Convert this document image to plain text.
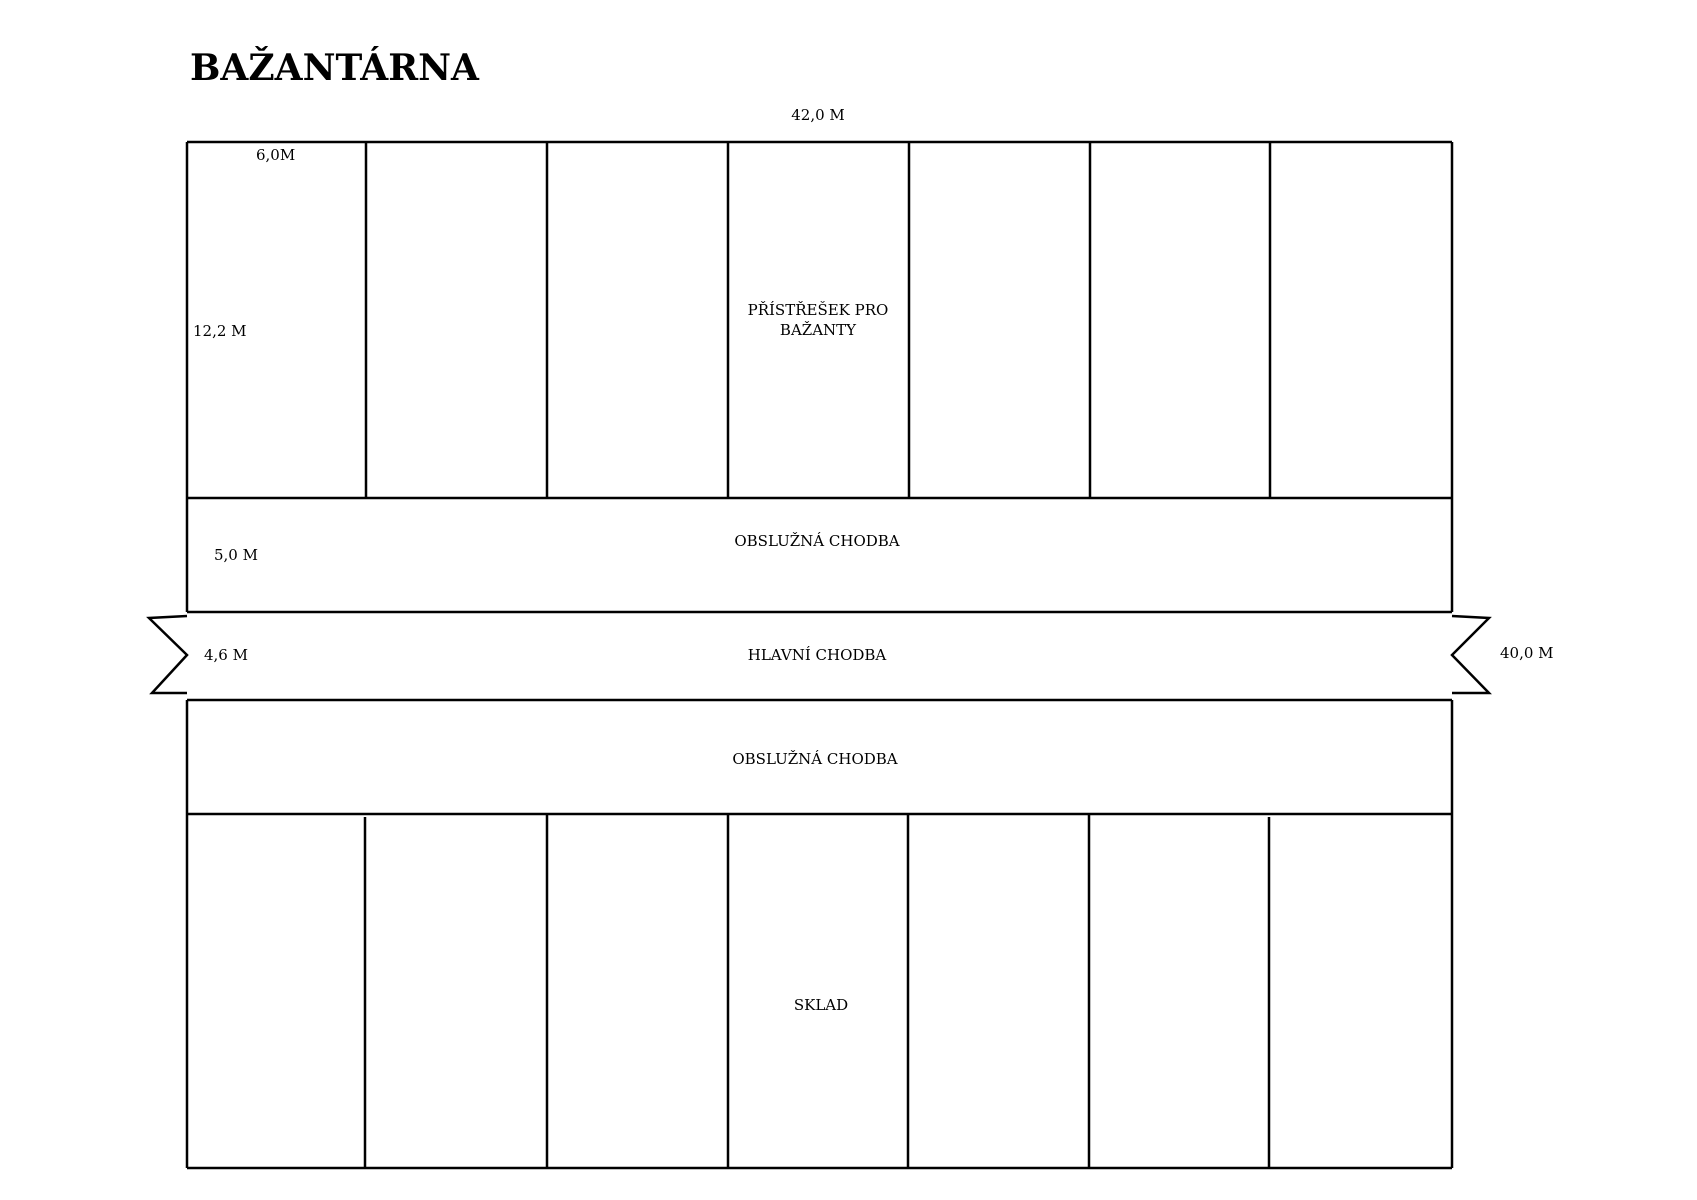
BAŽANTÁRNA
42,0 M
6,0M
12,2 M
5,0 M
4,6 M	40,0 M
PŘÍSTŘEŠEK PRO
BAŽANTY
OBSLUŽNÁ CHODBA
HLAVNÍ CHODBA
OBSLUŽNÁ CHODBA
SKLAD
